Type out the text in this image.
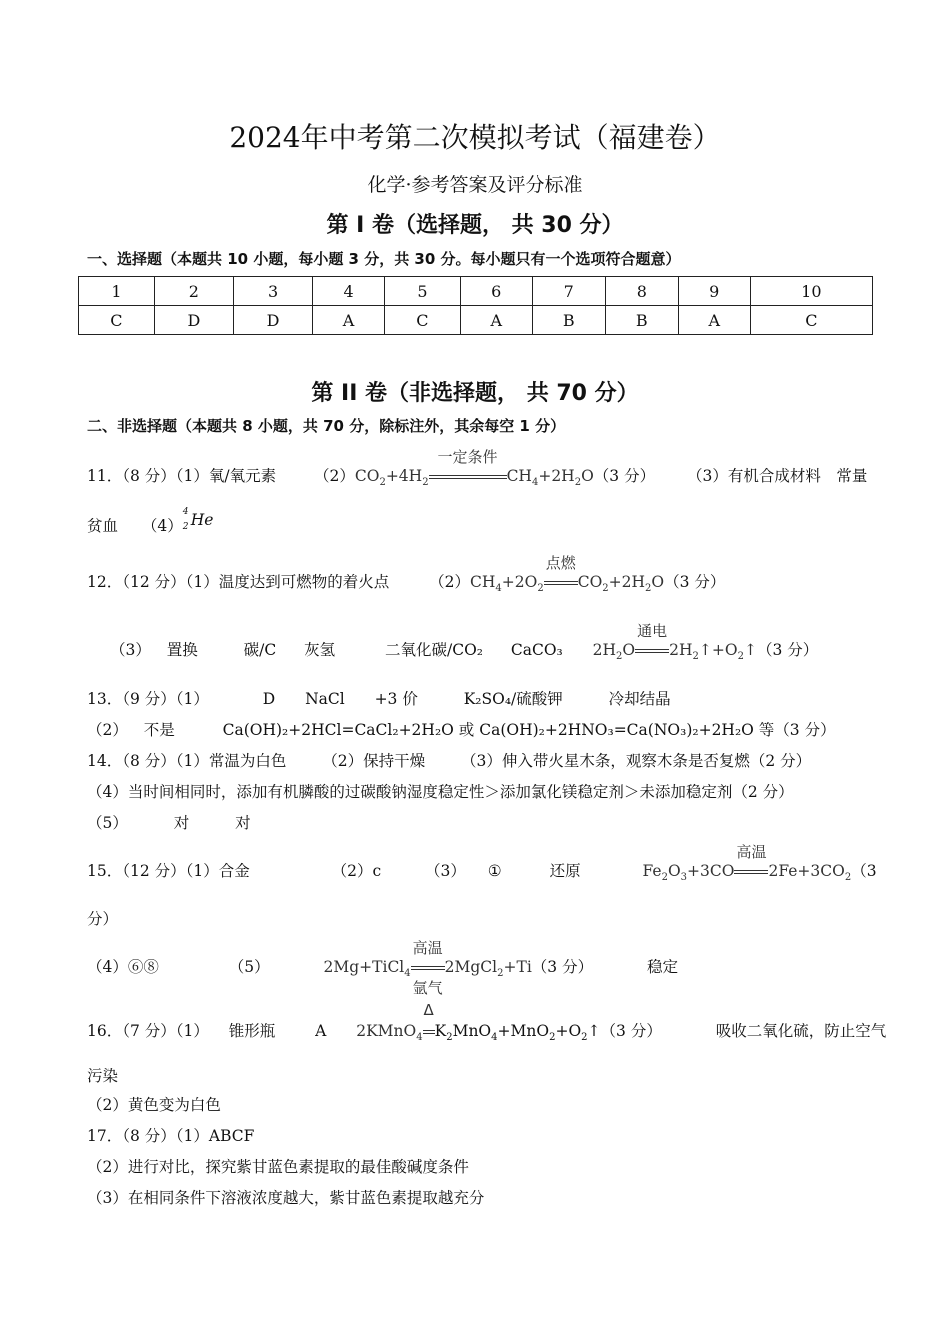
2024年中考第二次模拟考试（福建卷）
化学·参考答案及评分标准
第 I 卷（选择题， 共 30 分）
一、选择题（本题共 10 小题，每小题 3 分，共 30 分。每小题只有一个选项符合题意）
1	2	3	4	5	6	7	8	9	10
C	D	D	A	C	A	B	B	A	C
第 II 卷（非选择题， 共 70 分）
二、非选择题（本题共 8 小题，共 70 分，除标注外，其余每空 1 分）
11．（8 分）（1）氧/氧元素 $(2)CO_2+4H_2$
一定条件
$CH_4+2H_2O(3$ 分） （3）有机合成材料　常量
贫血 （4）
4
2 He
12．（12 分）（1）温度达到可燃物的着火点	$(2)CH_4+2O_2$
点燃
$CO_2+2H_2O(3$ 分）
（3） 置换	碳/C 灰氢	二氧化碳/CO₂ CaCO₃ $2H_2O$
通电
$2H_2↑+O_2↑(3$ 分）
13．（9 分）（1）	D NaCl +3 价	K₂SO₄/硫酸钾	冷却结晶
（2） 不是	Ca(OH)₂+2HCl=CaCl₂+2H₂O 或 Ca(OH)₂+2HNO₃=Ca(NO₃)₂+2H₂O 等（3 分）
14．（8 分）（1）常温为白色 （2）保持干燥 （3）伸入带火星木条，观察木条是否复燃（2 分）
（4）当时间相同时，添加有机膦酸的过碳酸钠湿度稳定性＞添加氯化镁稳定剂＞未添加稳定剂（2 分）
（5）	对	对
15．（12 分）（1）合金	（2）c	（3） ①	还原	$Fe_2O_3+3CO$
高温
$2Fe+3CO_2(3$
分）
（4）⑥⑧	（5）	2Mg+TiCl$_4$
高温
氩气
2MgCl$_2$+Ti（3 分）	稳定
16．（7 分）（1） 锥形瓶	A 2KMnO$_4$
Δ
$K_2MnO_4+MnO_2+O_2↑(3$ 分）	吸收二氧化硫，防止空气
污染
（2）黄色变为白色
17．（8 分）（1）ABCF
（2）进行对比，探究紫甘蓝色素提取的最佳酸碱度条件
（3）在相同条件下溶液浓度越大，紫甘蓝色素提取越充分
